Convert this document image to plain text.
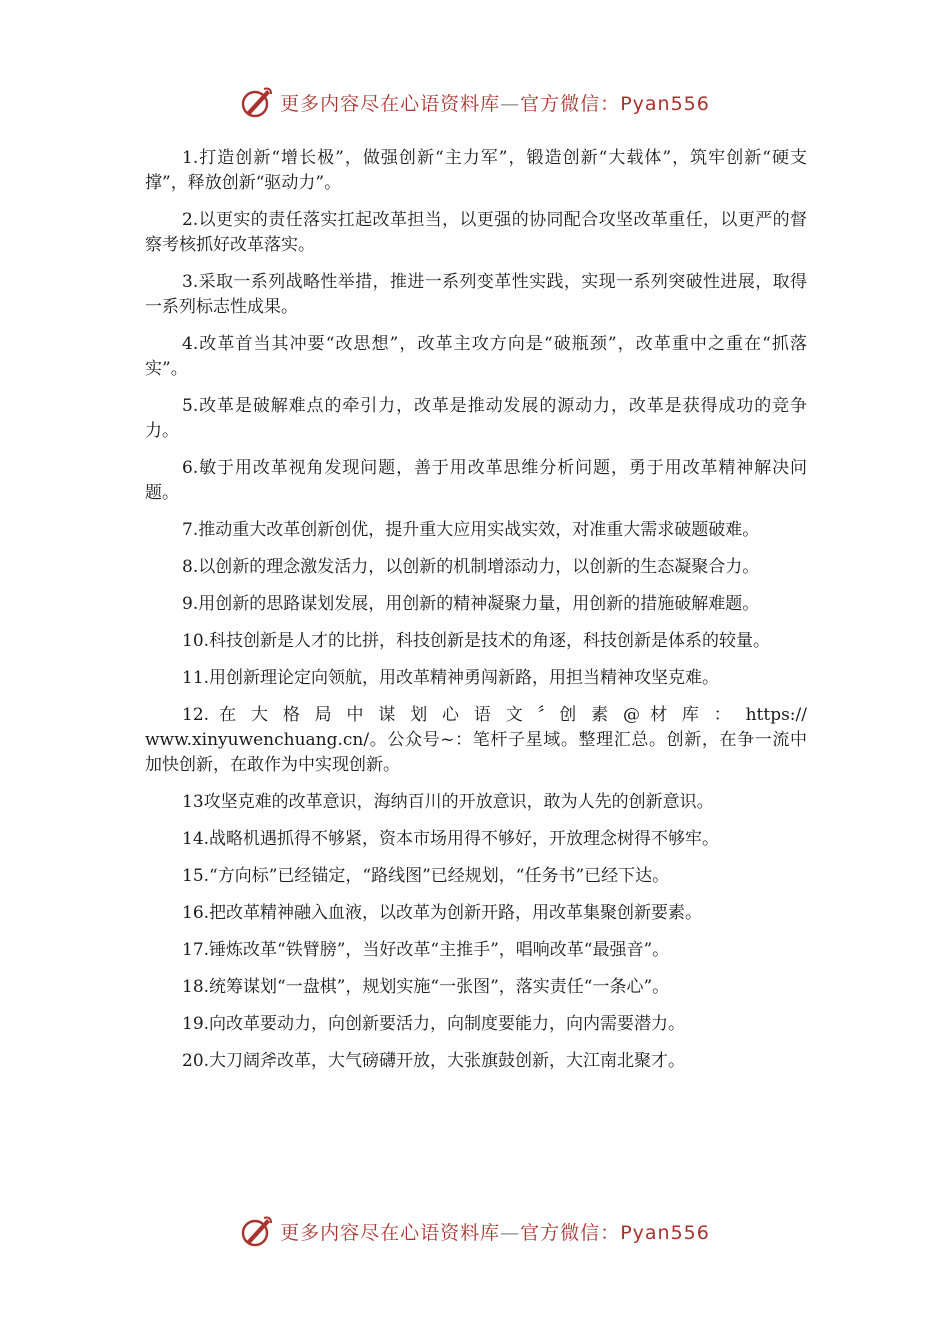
更多内容尽在心语资料库—官方微信：Pyan556

1.打造创新“增长极”，做强创新“主力军”，锻造创新“大载体”，筑牢创新“硬支撑”，释放创新“驱动力”。

2.以更实的责任落实扛起改革担当，以更强的协同配合攻坚改革重任，以更严的督察考核抓好改革落实。

3.采取一系列战略性举措，推进一系列变革性实践，实现一系列突破性进展，取得一系列标志性成果。

4.改革首当其冲要“改思想”，改革主攻方向是“破瓶颈”，改革重中之重在“抓落实”。

5.改革是破解难点的牵引力，改革是推动发展的源动力，改革是获得成功的竞争力。

6.敏于用改革视角发现问题，善于用改革思维分析问题，勇于用改革精神解决问题。

7.推动重大改革创新创优，提升重大应用实战实效，对准重大需求破题破难。

8.以创新的理念激发活力，以创新的机制增添动力，以创新的生态凝聚合力。

9.用创新的思路谋划发展，用创新的精神凝聚力量，用创新的措施破解难题。

10.科技创新是人才的比拼，科技创新是技术的角逐，科技创新是体系的较量。

11.用创新理论定向领航，用改革精神勇闯新路，用担当精神攻坚克难。

12. 在 大 格 局 中 谋 划 心 语 文 〞创 素 @ 材 库 ： https://
www.xinyuwenchuang.cn/。公众号~：笔杆子星域。整理汇总。创新，在争一流中加快创新，在敢作为中实现创新。

13攻坚克难的改革意识，海纳百川的开放意识，敢为人先的创新意识。

14.战略机遇抓得不够紧，资本市场用得不够好，开放理念树得不够牢。

15.“方向标”已经锚定，“路线图”已经规划，“任务书”已经下达。

16.把改革精神融入血液，以改革为创新开路，用改革集聚创新要素。

17.锤炼改革“铁臂膀”，当好改革“主推手”，唱响改革“最强音”。

18.统筹谋划“一盘棋”，规划实施“一张图”，落实责任“一条心”。

19.向改革要动力，向创新要活力，向制度要能力，向内需要潜力。

20.大刀阔斧改革，大气磅礴开放，大张旗鼓创新，大江南北聚才。

更多内容尽在心语资料库—官方微信：Pyan556
